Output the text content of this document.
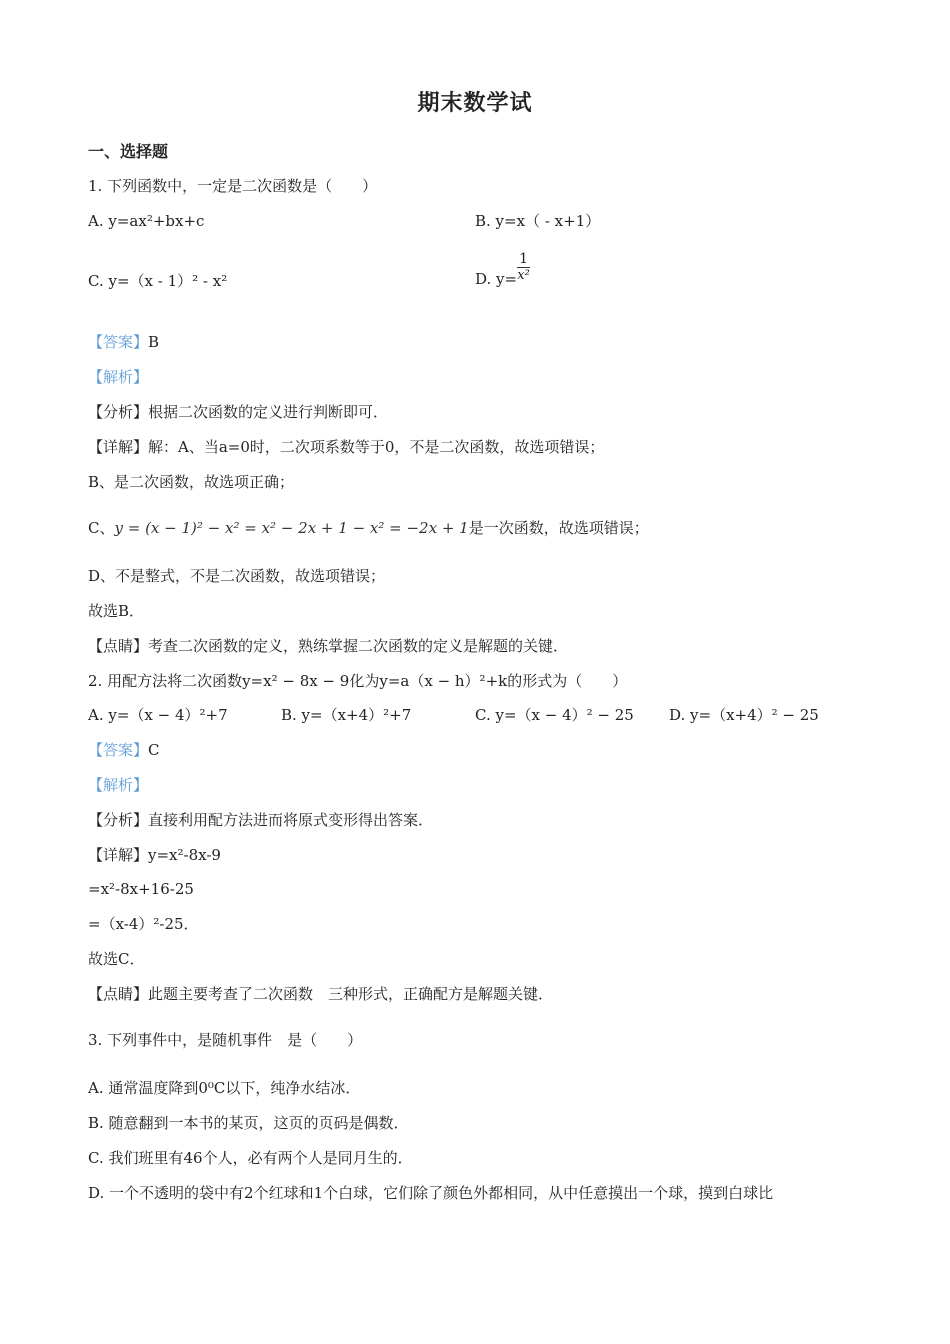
期末数学试
一、选择题
1. 下列函数中，一定是二次函数是（　　）
A. y=ax²+bx+c	B. y=x（ - x+1）
C. y=（x - 1）² - x²	D. $y= \frac{1}{\text{x²}}$
【答案】B
【解析】
【分析】根据二次函数的定义进行判断即可．
【详解】解：A、当a=0时，二次项系数等于0，不是二次函数，故选项错误；
B、是二次函数，故选项正确；
C、y = (x − 1)² − x² = x² − 2x + 1 − x² = −2x + 1是一次函数，故选项错误；
D、不是整式，不是二次函数，故选项错误；
故选B．
【点睛】考查二次函数的定义，熟练掌握二次函数的定义是解题的关键．
2. 用配方法将二次函数y=x² − 8x − 9化为y=a（x − h）²+k的形式为（　　）
A. y=（x − 4）²+7	B. y=（x+4）²+7	C. y=（x − 4）² − 25 D. y=（x+4）² − 25
【答案】C
【解析】
【分析】直接利用配方法进而将原式变形得出答案．
【详解】y=x²-8x-9
=x²-8x+16-25
=（x-4）²-25．
故选C．
【点睛】此题主要考查了二次函数　三种形式，正确配方是解题关键．
3. 下列事件中，是随机事件　是（　　）
A. 通常温度降到0⁰C以下，纯净水结冰．
B. 随意翻到一本书的某页，这页的页码是偶数．
C. 我们班里有46个人，必有两个人是同月生的．
D. 一个不透明的袋中有2个红球和1个白球，它们除了颜色外都相同，从中任意摸出一个球，摸到白球比
